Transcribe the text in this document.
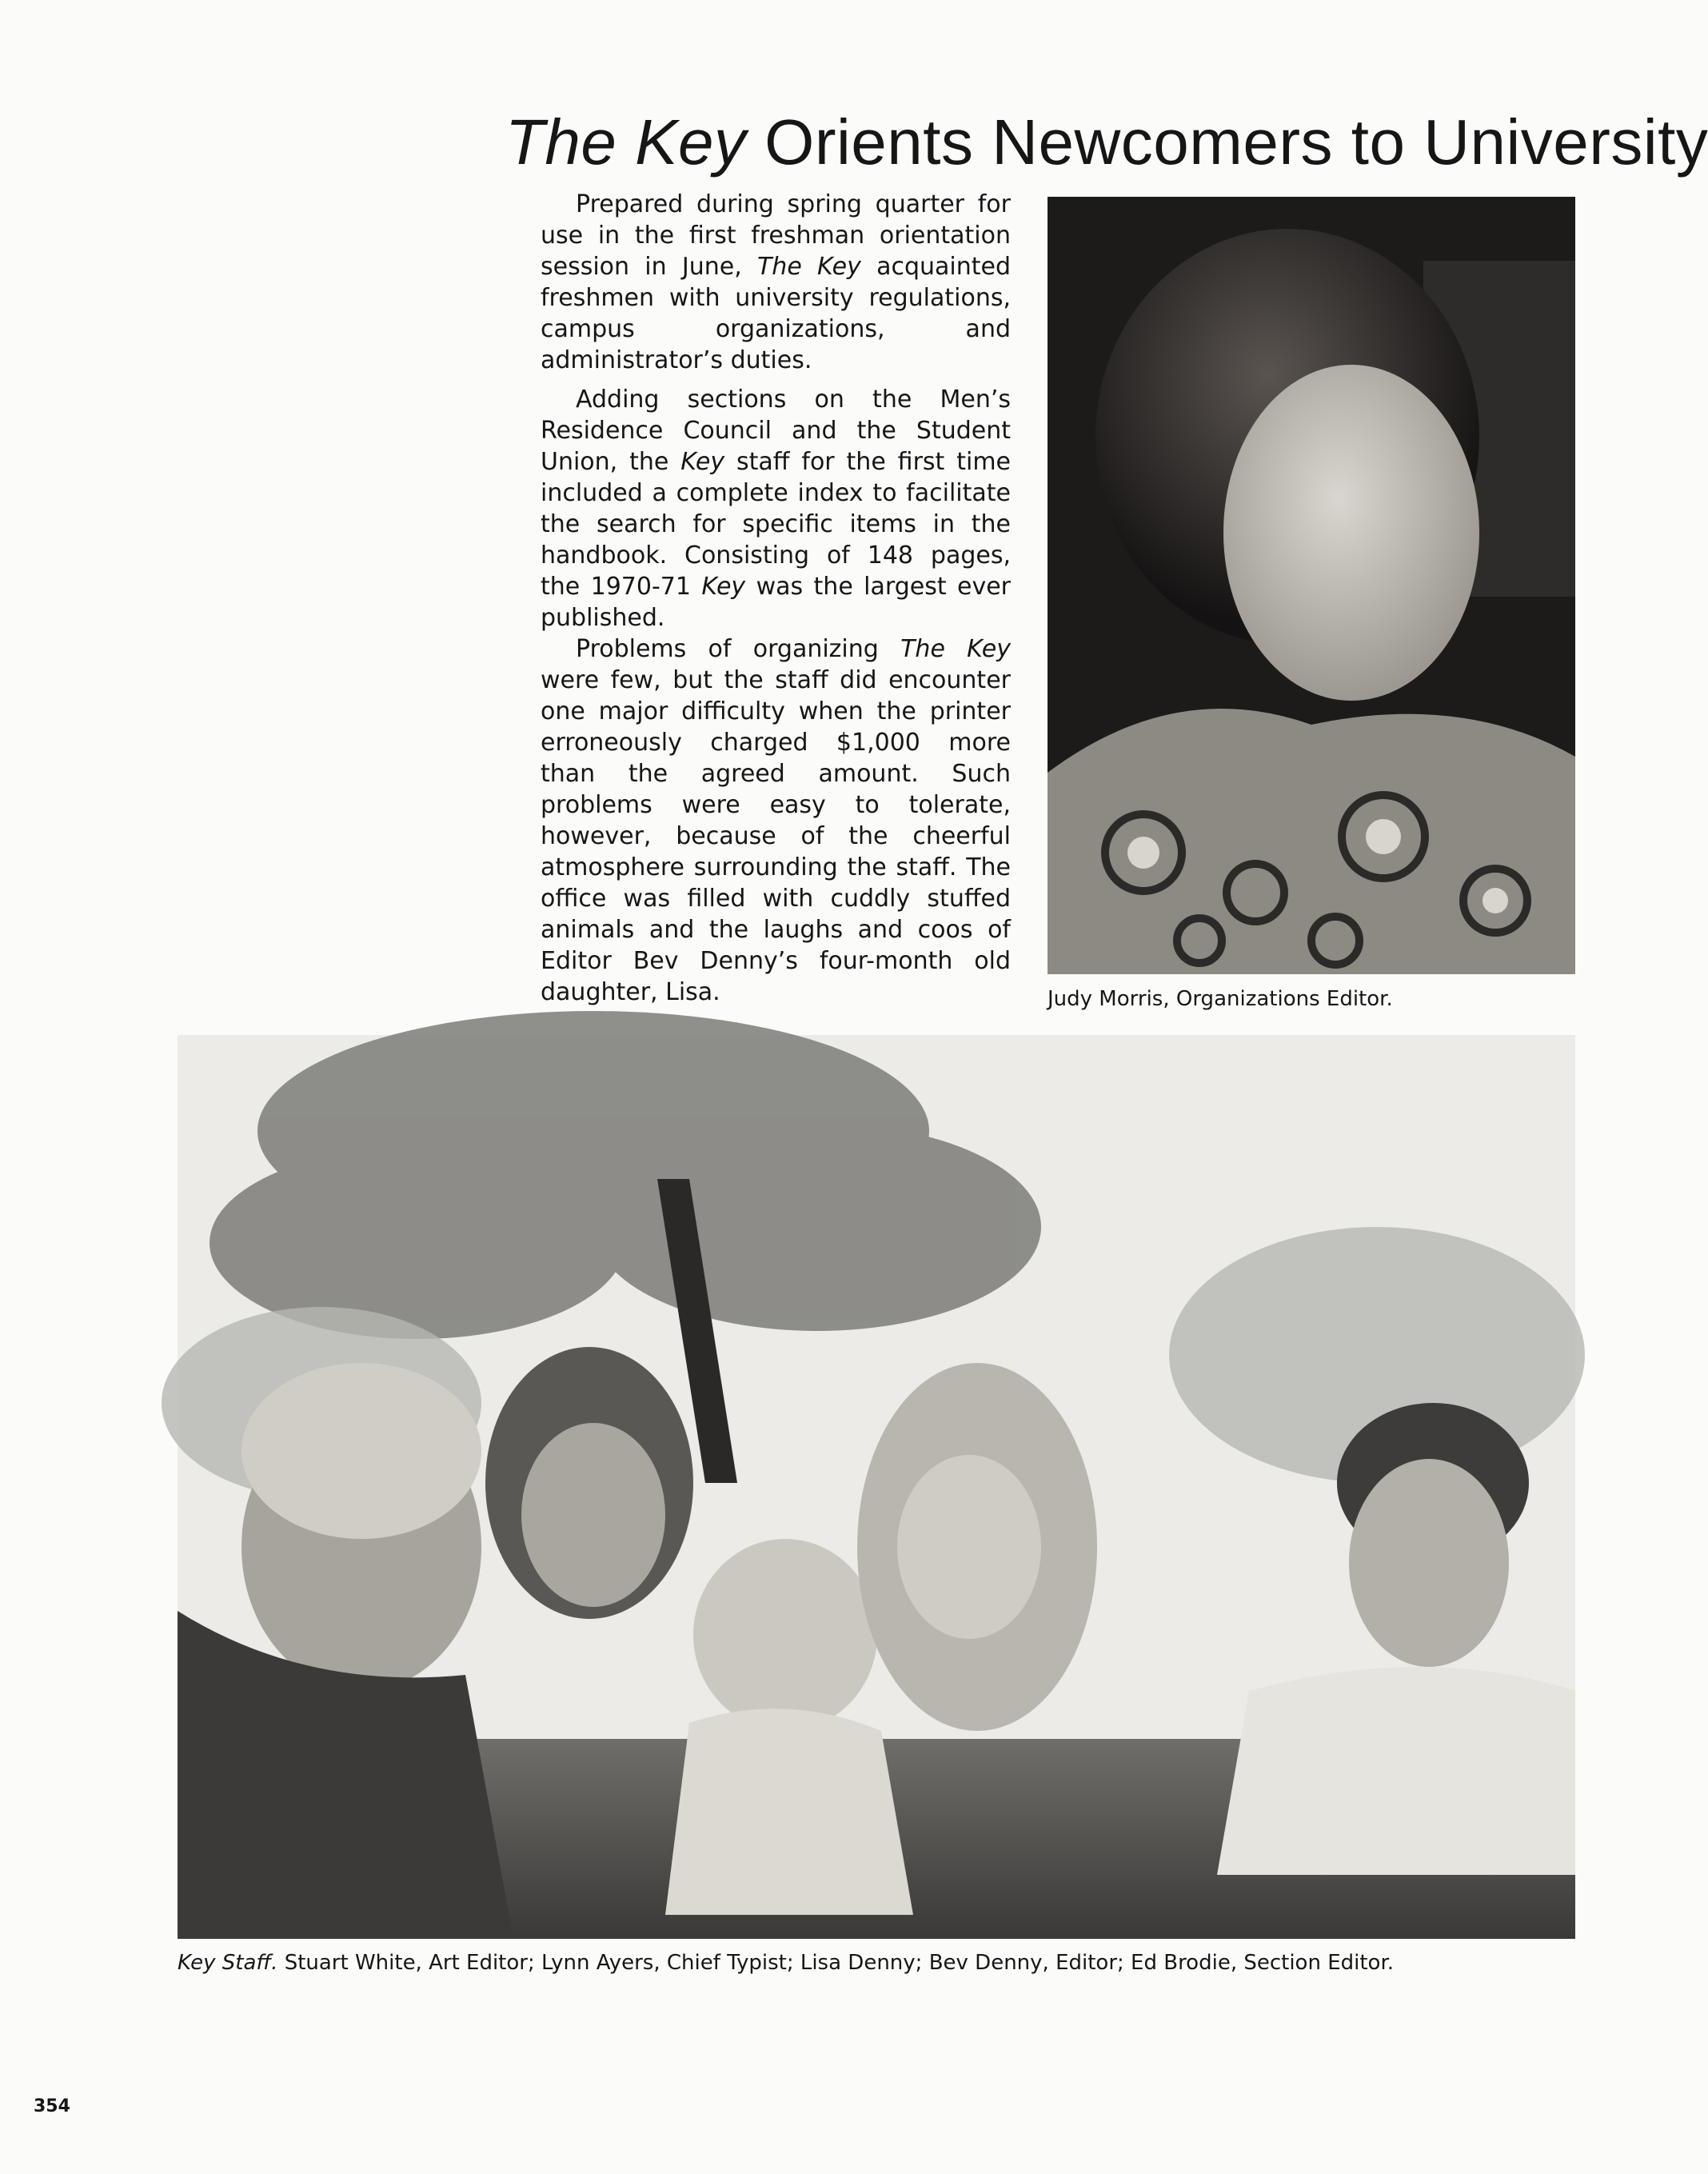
The Key Orients Newcomers to University

Prepared during spring quarter for use in the first freshman orientation session in June, The Key acquainted freshmen with university regulations, campus organizations, and administrator’s duties.

Adding sections on the Men’s Residence Council and the Student Union, the Key staff for the first time included a complete index to facilitate the search for specific items in the handbook. Consisting of 148 pages, the 1970-71 Key was the largest ever published.

Problems of organizing The Key were few, but the staff did encounter one major difficulty when the printer erroneously charged $1,000 more than the agreed amount. Such problems were easy to tolerate, however, because of the cheerful atmosphere surrounding the staff. The office was filled with cuddly stuffed animals and the laughs and coos of Editor Bev Denny’s four-month old daughter, Lisa.	Judy Morris, Organizations Editor.

Key Staff. Stuart White, Art Editor; Lynn Ayers, Chief Typist; Lisa Denny; Bev Denny, Editor; Ed Brodie, Section Editor.

354
